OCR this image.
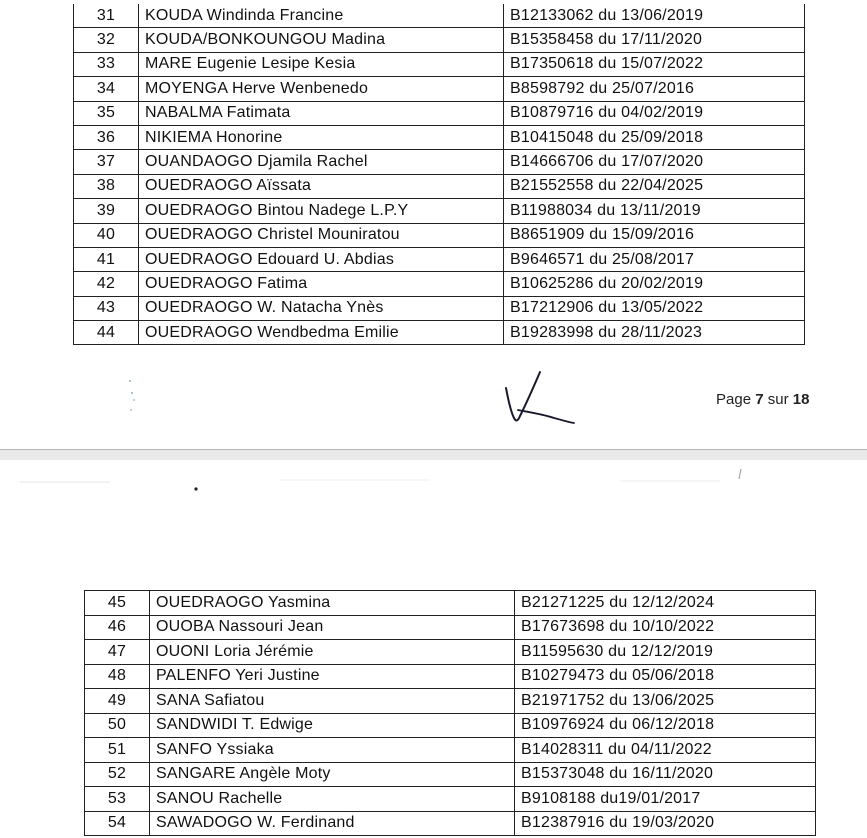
31	KOUDA Windinda Francine	B12133062 du 13/06/2019
32	KOUDA/BONKOUNGOU Madina	B15358458 du 17/11/2020
33	MARE Eugenie Lesipe Kesia	B17350618 du 15/07/2022
34	MOYENGA Herve Wenbenedo	B8598792 du 25/07/2016
35	NABALMA Fatimata	B10879716 du 04/02/2019
36	NIKIEMA Honorine	B10415048 du 25/09/2018
37	OUANDAOGO Djamila Rachel	B14666706 du 17/07/2020
38	OUEDRAOGO Aïssata	B21552558 du 22/04/2025
39	OUEDRAOGO Bintou Nadege L.P.Y	B11988034 du 13/11/2019
40	OUEDRAOGO Christel Mouniratou	B8651909 du 15/09/2016
41	OUEDRAOGO Edouard U. Abdias	B9646571 du 25/08/2017
42	OUEDRAOGO Fatima	B10625286 du 20/02/2019
43	OUEDRAOGO W. Natacha Ynès	B17212906 du 13/05/2022
44	OUEDRAOGO Wendbedma Emilie	B19283998 du 28/11/2023
Page 7 sur 18
45	OUEDRAOGO Yasmina	B21271225 du 12/12/2024
46	OUOBA Nassouri Jean	B17673698 du 10/10/2022
47	OUONI Loria Jérémie	B11595630 du 12/12/2019
48	PALENFO Yeri Justine	B10279473 du 05/06/2018
49	SANA Safiatou	B21971752 du 13/06/2025
50	SANDWIDI T. Edwige	B10976924 du 06/12/2018
51	SANFO Yssiaka	B14028311 du 04/11/2022
52	SANGARE Angèle Moty	B15373048 du 16/11/2020
53	SANOU Rachelle	B9108188 du19/01/2017
54	SAWADOGO W. Ferdinand	B12387916 du 19/03/2020
